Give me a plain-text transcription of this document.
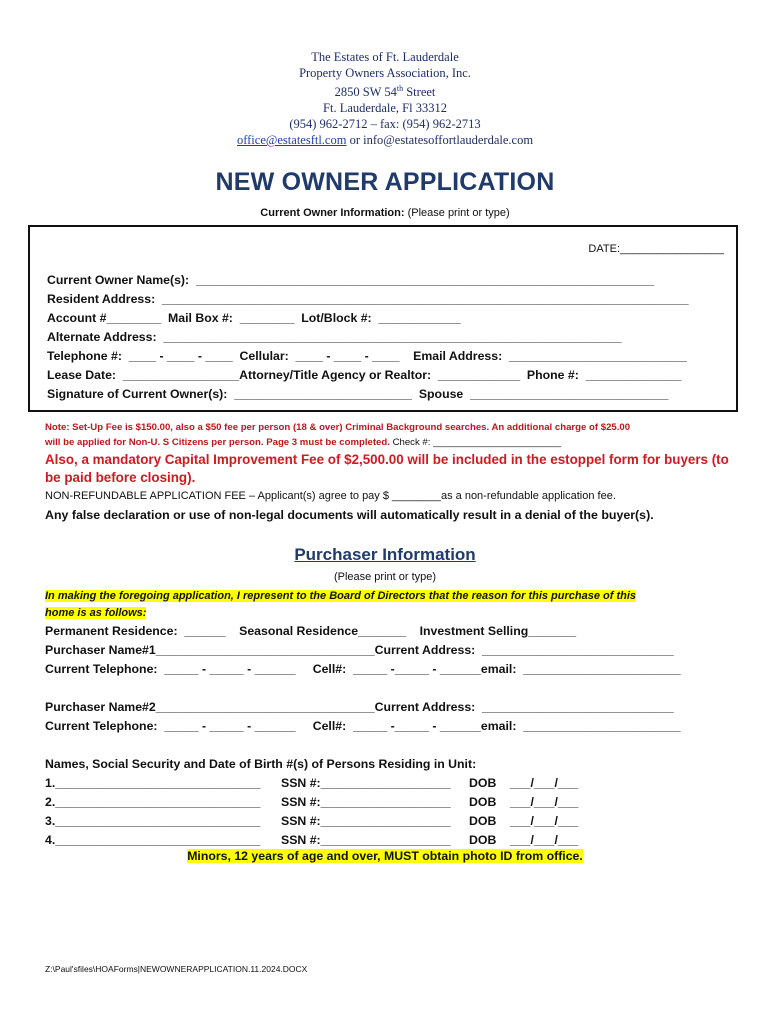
The Estates of Ft. Lauderdale
Property Owners Association, Inc.
2850 SW 54th Street
Ft. Lauderdale, Fl 33312
(954) 962-2712 – fax: (954) 962-2713
office@estatesftl.com or info@estatesoffortlauderdale.com
NEW OWNER APPLICATION
Current Owner Information: (Please print or type)
DATE:_________________
Current Owner Name(s):  ___________________________________________________________________
Resident Address:  _____________________________________________________________________________
Account #________  Mail Box #:  ________  Lot/Block #:  ____________
Alternate Address:  ___________________________________________________________________
Telephone #:  ____ - ____ - ____  Cellular:  ____ - ____ - ____    Email Address:  __________________________
Lease Date:  _________________Attorney/Title Agency or Realtor:  ____________  Phone #:  ______________
Signature of Current Owner(s):  __________________________  Spouse  _____________________________
Note: Set-Up Fee is $150.00, also a $50 fee per person (18 & over) Criminal Background searches. An additional charge of $25.00
will be applied for Non-U. S Citizens per person. Page 3 must be completed. Check #: ________________________
Also, a mandatory Capital Improvement Fee of $2,500.00 will be included in the estoppel form for buyers (to be paid before closing).
NON-REFUNDABLE APPLICATION FEE – Applicant(s) agree to pay $ ________as a non-refundable application fee.
Any false declaration or use of non-legal documents will automatically result in a denial of the buyer(s).
Purchaser Information
(Please print or type)
In making the foregoing application, I represent to the Board of Directors that the reason for this purchase of this
home is as follows:
Permanent Residence:  ______    Seasonal Residence_______    Investment Selling_______
Purchaser Name#1________________________________Current Address:  ____________________________
Current Telephone:  _____ - _____ - ______     Cell#:  _____ -_____ - ______email:  _______________________
Purchaser Name#2________________________________Current Address:  ____________________________
Current Telephone:  _____ - _____ - ______     Cell#:  _____ -_____ - ______email:  _______________________
Names, Social Security and Date of Birth #(s) of Persons Residing in Unit:
1.______________________________ SSN #:___________________ DOB    ___/___/___
2.______________________________ SSN #:___________________ DOB    ___/___/___
3.______________________________ SSN #:___________________ DOB    ___/___/___
4.______________________________ SSN #:___________________ DOB    ___/___/___
Minors, 12 years of age and over, MUST obtain photo ID from office.
Z:\Paul'sfiles\HOAForms|NEWOWNERAPPLICATION.11.2024.DOCX
